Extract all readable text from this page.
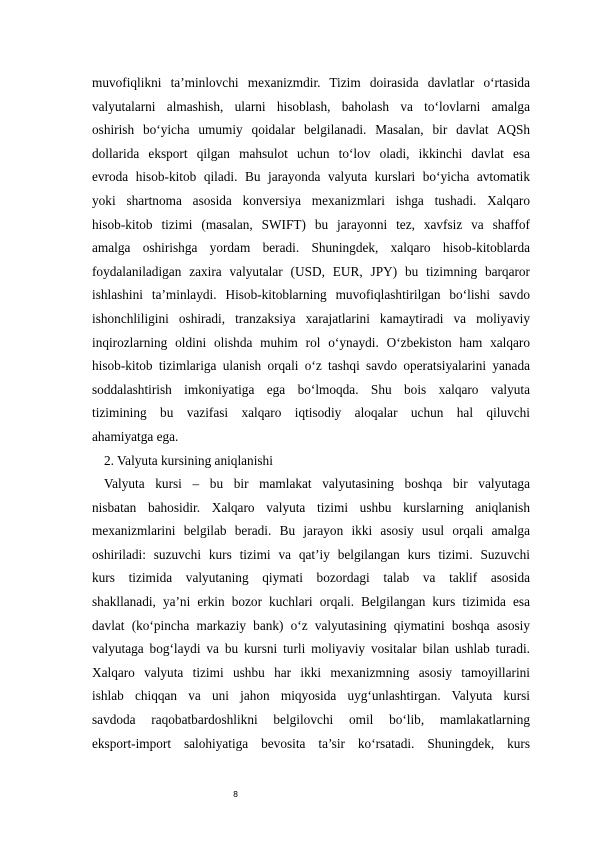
muvofiqlikni ta’minlovchi mexanizmdir. Tizim doirasida davlatlar o‘rtasida
valyutalarni almashish, ularni hisoblash, baholash va to‘lovlarni amalga
oshirish bo‘yicha umumiy qoidalar belgilanadi. Masalan, bir davlat AQSh
dollarida eksport qilgan mahsulot uchun to‘lov oladi, ikkinchi davlat esa
evroda hisob-kitob qiladi. Bu jarayonda valyuta kurslari bo‘yicha avtomatik
yoki shartnoma asosida konversiya mexanizmlari ishga tushadi. Xalqaro
hisob-kitob tizimi (masalan, SWIFT) bu jarayonni tez, xavfsiz va shaffof
amalga oshirishga yordam beradi. Shuningdek, xalqaro hisob-kitoblarda
foydalaniladigan zaxira valyutalar (USD, EUR, JPY) bu tizimning barqaror
ishlashini ta’minlaydi. Hisob-kitoblarning muvofiqlashtirilgan bo‘lishi savdo
ishonchliligini oshiradi, tranzaksiya xarajatlarini kamaytiradi va moliyaviy
inqirozlarning oldini olishda muhim rol o‘ynaydi. O‘zbekiston ham xalqaro
hisob-kitob tizimlariga ulanish orqali o‘z tashqi savdo operatsiyalarini yanada
soddalashtirish imkoniyatiga ega bo‘lmoqda. Shu bois xalqaro valyuta
tizimining bu vazifasi xalqaro iqtisodiy aloqalar uchun hal qiluvchi
ahamiyatga ega.
2. Valyuta kursining aniqlanishi
Valyuta kursi – bu bir mamlakat valyutasining boshqa bir valyutaga
nisbatan bahosidir. Xalqaro valyuta tizimi ushbu kurslarning aniqlanish
mexanizmlarini belgilab beradi. Bu jarayon ikki asosiy usul orqali amalga
oshiriladi: suzuvchi kurs tizimi va qat’iy belgilangan kurs tizimi. Suzuvchi
kurs tizimida valyutaning qiymati bozordagi talab va taklif asosida
shakllanadi, ya’ni erkin bozor kuchlari orqali. Belgilangan kurs tizimida esa
davlat (ko‘pincha markaziy bank) o‘z valyutasining qiymatini boshqa asosiy
valyutaga bog‘laydi va bu kursni turli moliyaviy vositalar bilan ushlab turadi.
Xalqaro valyuta tizimi ushbu har ikki mexanizmning asosiy tamoyillarini
ishlab chiqqan va uni jahon miqyosida uyg‘unlashtirgan. Valyuta kursi
savdoda raqobatbardoshlikni belgilovchi omil bo‘lib, mamlakatlarning
eksport-import salohiyatiga bevosita ta’sir ko‘rsatadi. Shuningdek, kurs
8
